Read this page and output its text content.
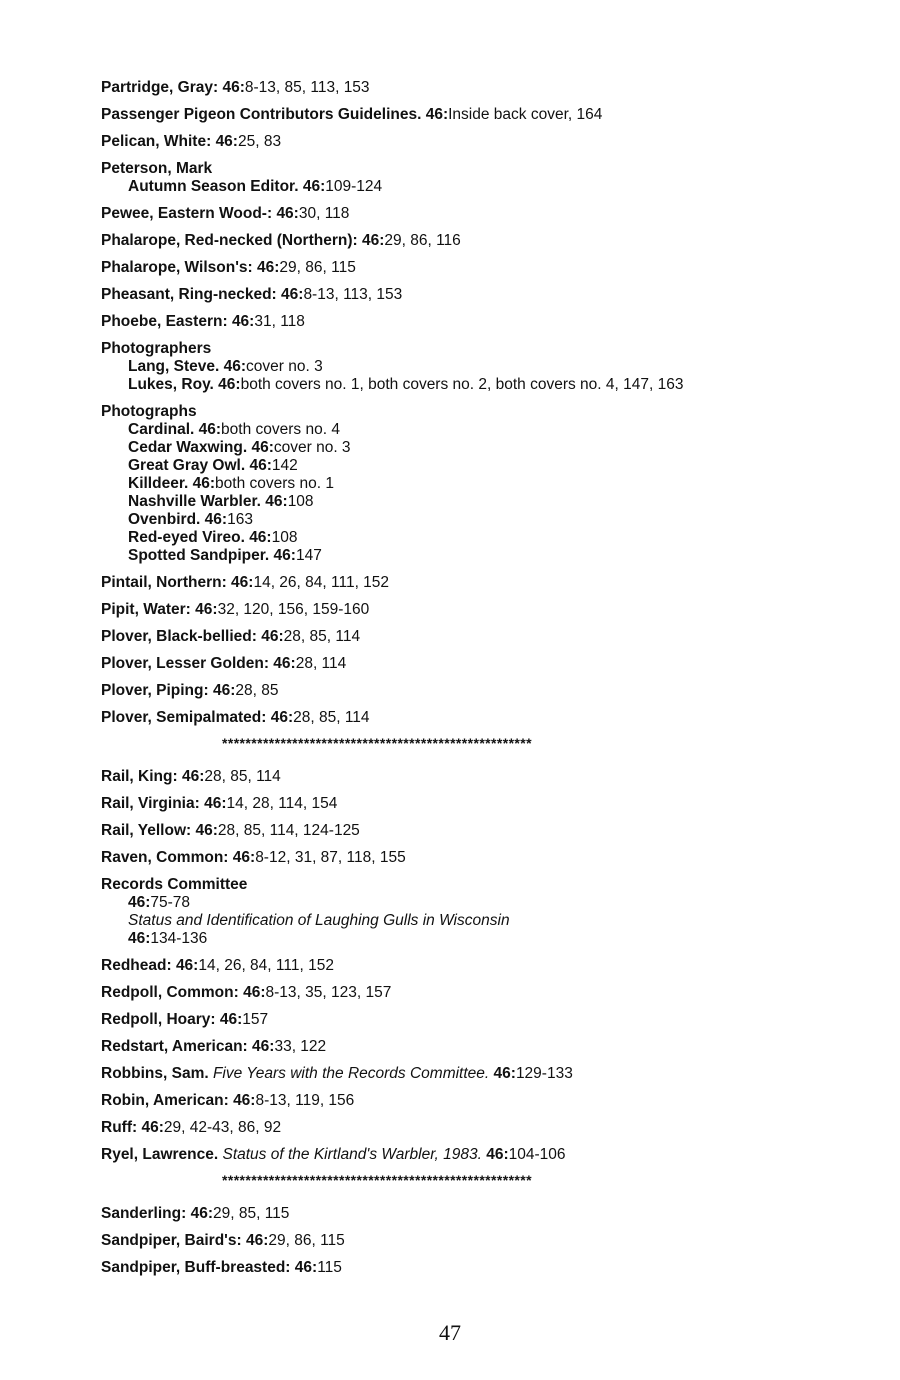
Partridge, Gray: 46:8-13, 85, 113, 153
Passenger Pigeon Contributors Guidelines. 46:Inside back cover, 164
Pelican, White: 46:25, 83
Peterson, Mark
Autumn Season Editor. 46:109-124
Pewee, Eastern Wood-: 46:30, 118
Phalarope, Red-necked (Northern): 46:29, 86, 116
Phalarope, Wilson's: 46:29, 86, 115
Pheasant, Ring-necked: 46:8-13, 113, 153
Phoebe, Eastern: 46:31, 118
Photographers
Lang, Steve. 46:cover no. 3
Lukes, Roy. 46:both covers no. 1, both covers no. 2, both covers no. 4, 147, 163
Photographs
Cardinal. 46:both covers no. 4
Cedar Waxwing. 46:cover no. 3
Great Gray Owl. 46:142
Killdeer. 46:both covers no. 1
Nashville Warbler. 46:108
Ovenbird. 46:163
Red-eyed Vireo. 46:108
Spotted Sandpiper. 46:147
Pintail, Northern: 46:14, 26, 84, 111, 152
Pipit, Water: 46:32, 120, 156, 159-160
Plover, Black-bellied: 46:28, 85, 114
Plover, Lesser Golden: 46:28, 114
Plover, Piping: 46:28, 85
Plover, Semipalmated: 46:28, 85, 114
*****************************************************
Rail, King: 46:28, 85, 114
Rail, Virginia: 46:14, 28, 114, 154
Rail, Yellow: 46:28, 85, 114, 124-125
Raven, Common: 46:8-12, 31, 87, 118, 155
Records Committee
46:75-78
Status and Identification of Laughing Gulls in Wisconsin
46:134-136
Redhead: 46:14, 26, 84, 111, 152
Redpoll, Common: 46:8-13, 35, 123, 157
Redpoll, Hoary: 46:157
Redstart, American: 46:33, 122
Robbins, Sam. Five Years with the Records Committee. 46:129-133
Robin, American: 46:8-13, 119, 156
Ruff: 46:29, 42-43, 86, 92
Ryel, Lawrence. Status of the Kirtland's Warbler, 1983. 46:104-106
*****************************************************
Sanderling: 46:29, 85, 115
Sandpiper, Baird's: 46:29, 86, 115
Sandpiper, Buff-breasted: 46:115
47
